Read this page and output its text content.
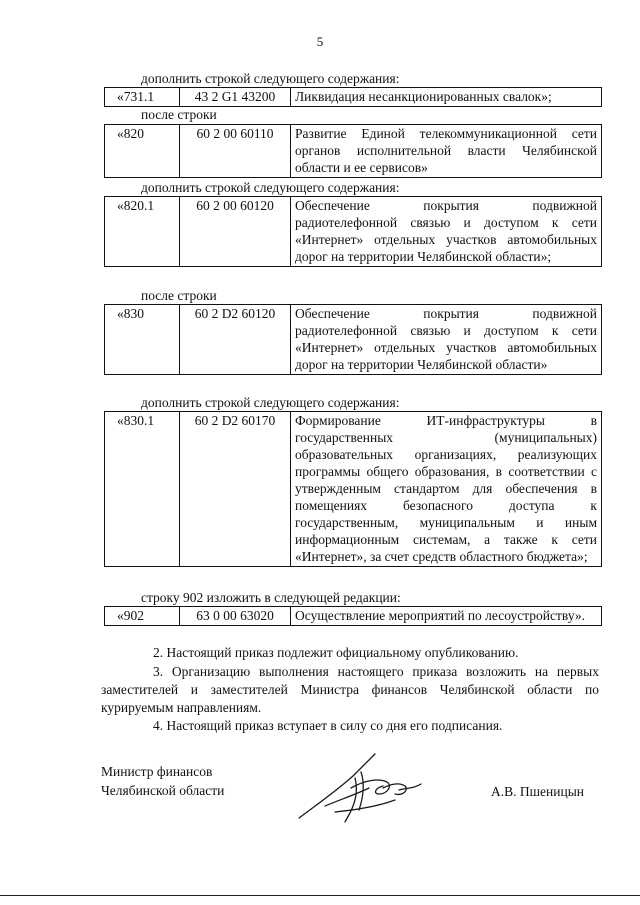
5
дополнить строкой следующего содержания:
«731.1	43 2 G1 43200	Ликвидация несанкционированных свалок»;
после строки
«820	60 2 00 60110	Развитие Единой телекоммуникационной сети органов исполнительной власти Челябинской области и ее сервисов»
дополнить строкой следующего содержания:
«820.1	60 2 00 60120	Обеспечение покрытия подвижной радиотелефонной связью и доступом к сети «Интернет» отдельных участков автомобильных дорог на территории Челябинской области»;
после строки
«830	60 2 D2 60120	Обеспечение покрытия подвижной радиотелефонной связью и доступом к сети «Интернет» отдельных участков автомобильных дорог на территории Челябинской области»
дополнить строкой следующего содержания:
«830.1	60 2 D2 60170	Формирование ИТ-инфраструктуры в государственных (муниципальных) образовательных организациях, реализующих программы общего образования, в соответствии с утвержденным стандартом для обеспечения в помещениях безопасного доступа к государственным, муниципальным и иным информационным системам, а также к сети «Интернет», за счет средств областного бюджета»;
строку 902 изложить в следующей редакции:
«902	63 0 00 63020	Осуществление мероприятий по лесоустройству».
2. Настоящий приказ подлежит официальному опубликованию.
3. Организацию выполнения настоящего приказа возложить на первых заместителей и заместителей Министра финансов Челябинской области по курируемым направлениям.
4. Настоящий приказ вступает в силу со дня его подписания.
Министр финансов
Челябинской области	А.В. Пшеницын
